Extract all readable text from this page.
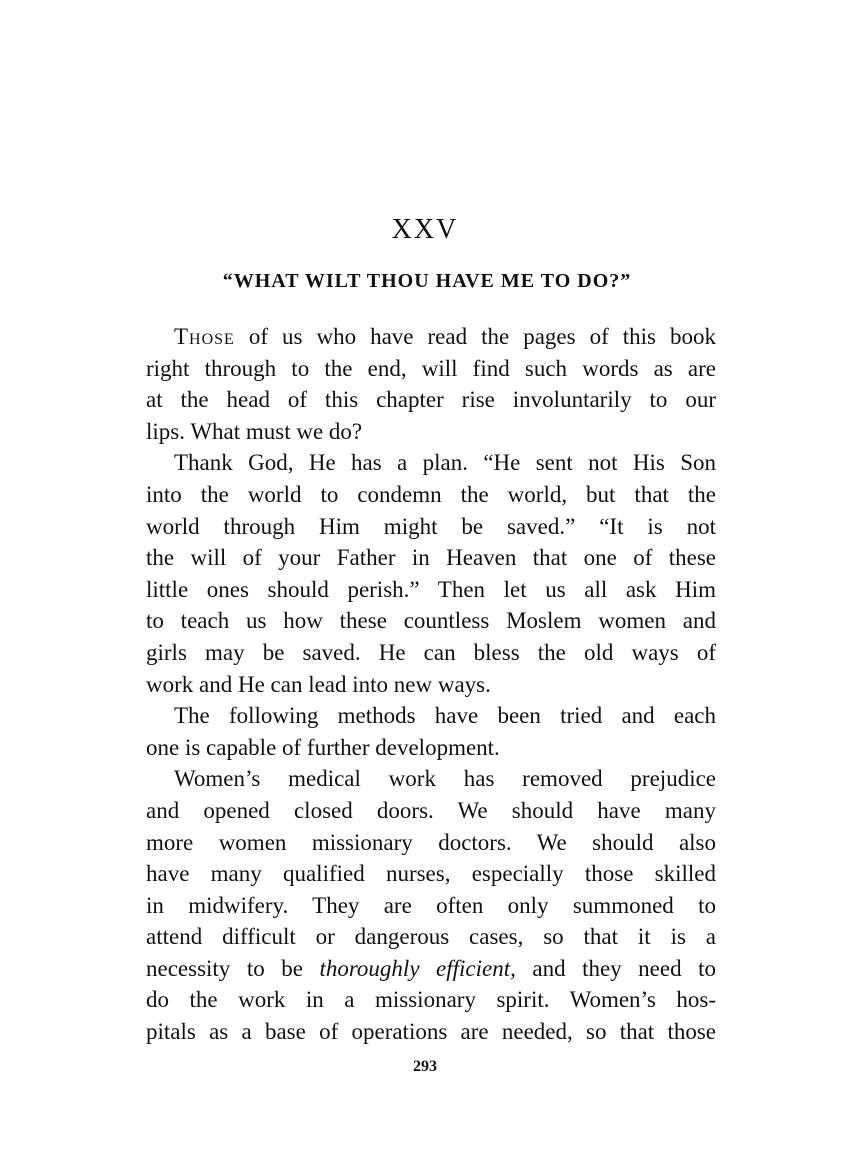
XXV
“WHAT WILT THOU HAVE ME TO DO?”
Those of us who have read the pages of this book
right through to the end, will find such words as are
at the head of this chapter rise involuntarily to our
lips. What must we do?
Thank God, He has a plan. “He sent not His Son
into the world to condemn the world, but that the
world through Him might be saved.” “It is not
the will of your Father in Heaven that one of these
little ones should perish.” Then let us all ask Him
to teach us how these countless Moslem women and
girls may be saved. He can bless the old ways of
work and He can lead into new ways.
The following methods have been tried and each
one is capable of further development.
Women’s medical work has removed prejudice
and opened closed doors. We should have many
more women missionary doctors. We should also
have many qualified nurses, especially those skilled
in midwifery. They are often only summoned to
attend difficult or dangerous cases, so that it is a
necessity to be thoroughly efficient, and they need to
do the work in a missionary spirit. Women’s hos-
pitals as a base of operations are needed, so that those
293
